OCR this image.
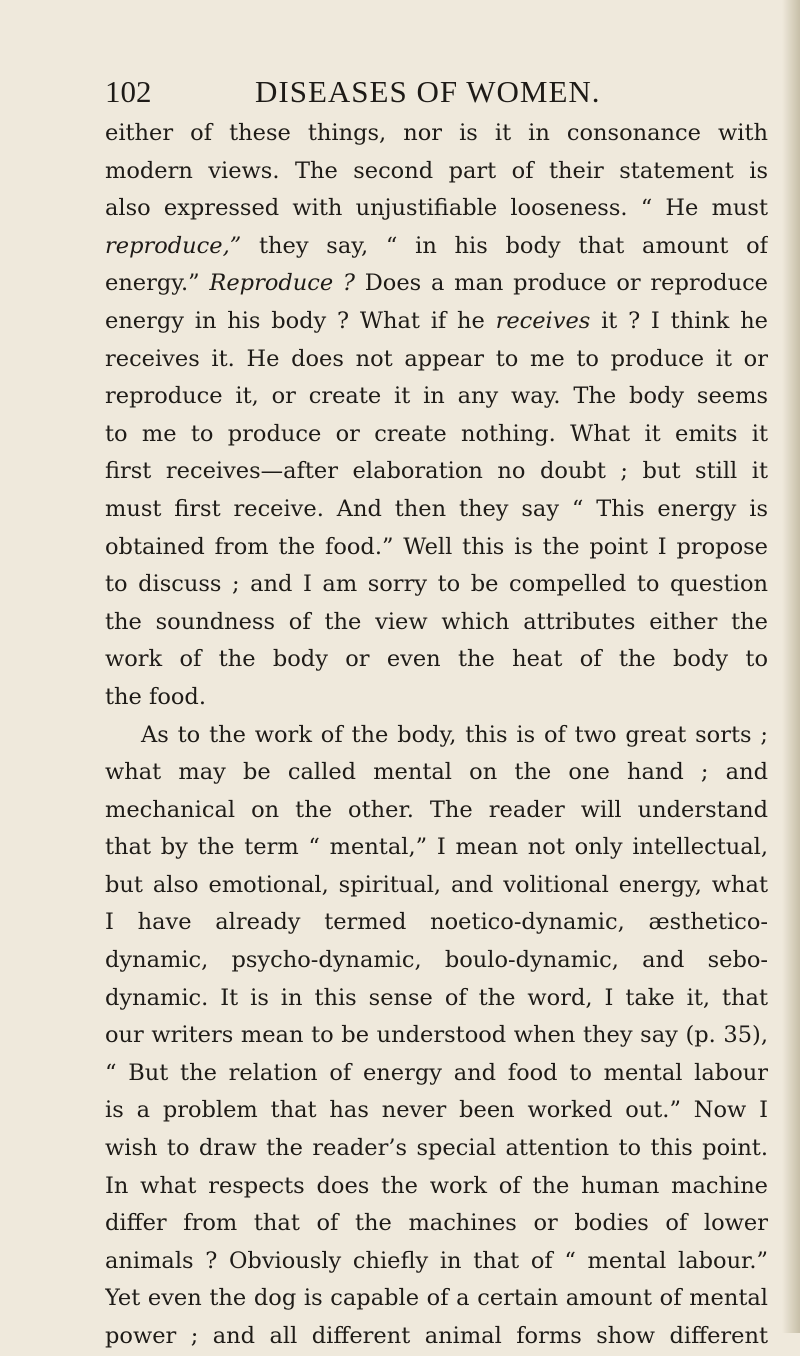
102	DISEASES OF WOMEN.
either of these things, nor is it in consonance with
modern views. The second part of their statement is
also expressed with unjustifiable looseness. “ He must
reproduce,” they say, “ in his body that amount of
energy.” Reproduce ? Does a man produce or reproduce
energy in his body ? What if he receives it ? I think he
receives it. He does not appear to me to produce it or
reproduce it, or create it in any way. The body seems
to me to produce or create nothing. What it emits it
first receives—after elaboration no doubt ; but still it
must first receive. And then they say “ This energy is
obtained from the food.” Well this is the point I propose
to discuss ; and I am sorry to be compelled to question
the soundness of the view which attributes either the
work of the body or even the heat of the body to
the food.
As to the work of the body, this is of two great sorts ;
what may be called mental on the one hand ; and
mechanical on the other. The reader will understand
that by the term “ mental,” I mean not only intellectual,
but also emotional, spiritual, and volitional energy, what
I have already termed noetico-dynamic, æsthetico-
dynamic, psycho-dynamic, boulo-dynamic, and sebo-
dynamic. It is in this sense of the word, I take it, that
our writers mean to be understood when they say (p. 35),
“ But the relation of energy and food to mental labour
is a problem that has never been worked out.” Now I
wish to draw the reader’s special attention to this point.
In what respects does the work of the human machine
differ from that of the machines or bodies of lower
animals ? Obviously chiefly in that of “ mental labour.”
Yet even the dog is capable of a certain amount of mental
power ; and all different animal forms show different
